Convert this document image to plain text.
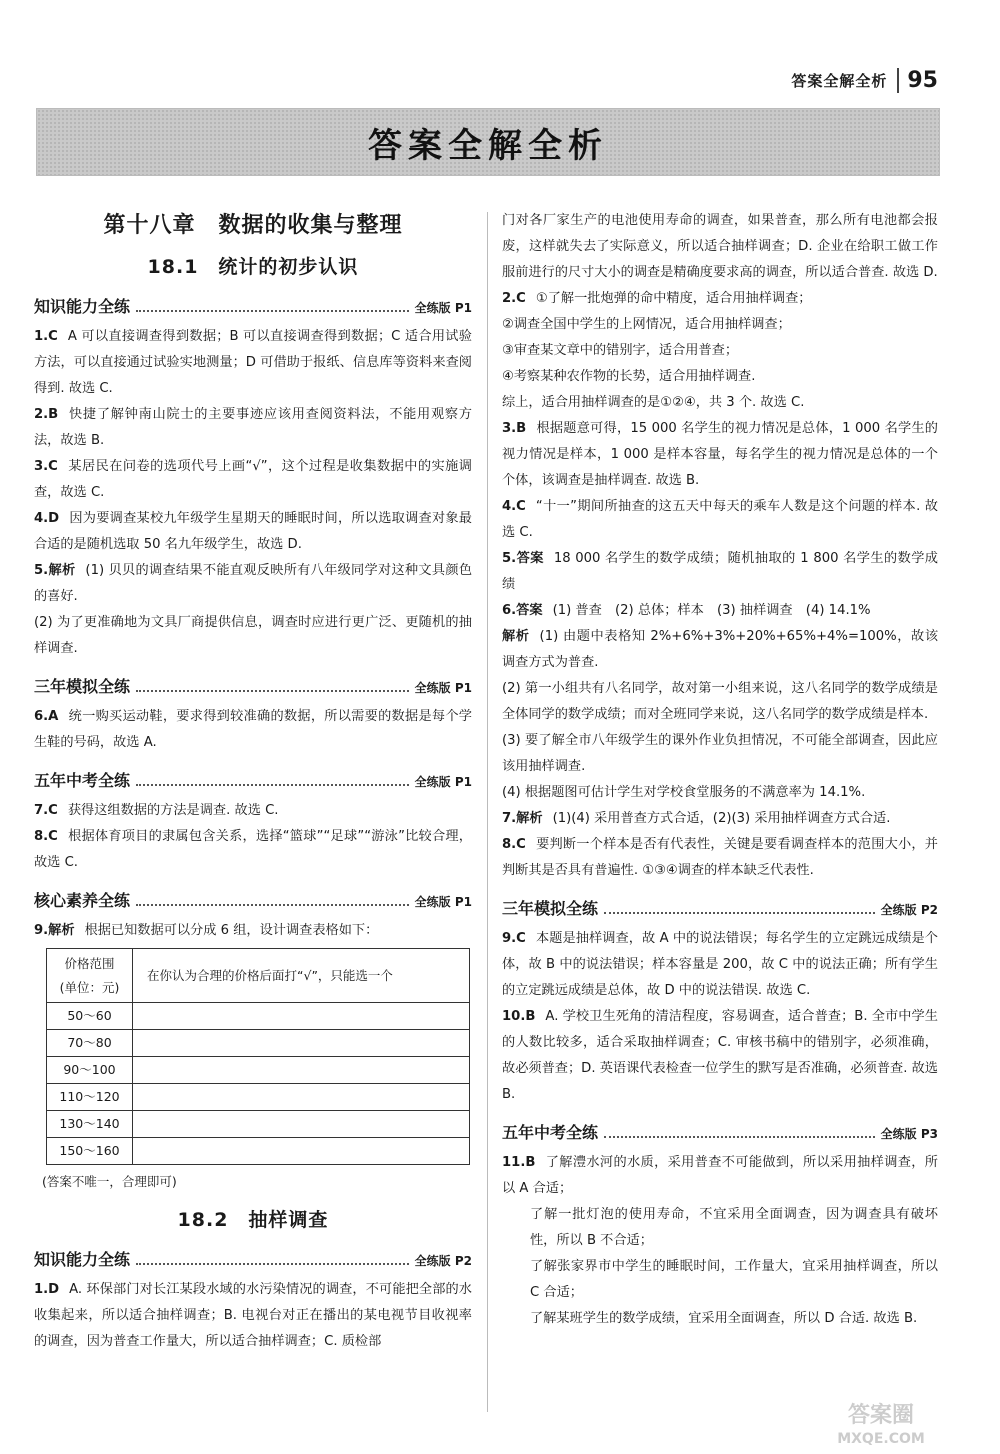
答案全解全析 95
答案全解全析
第十八章　数据的收集与整理
18.1　统计的初步认识
知识能力全练	全练版 P1

1.C A 可以直接调查得到数据；B 可以直接调查得到数据；C 适合用试验方法，可以直接通过试验实地测量；D 可借助于报纸、信息库等资料来查阅得到. 故选 C.

2.B 快捷了解钟南山院士的主要事迹应该用查阅资料法，不能用观察方法，故选 B.

3.C 某居民在问卷的选项代号上画“√”，这个过程是收集数据中的实施调查，故选 C.

4.D 因为要调查某校九年级学生星期天的睡眠时间，所以选取调查对象最合适的是随机选取 50 名九年级学生，故选 D.

5.解析 (1) 贝贝的调查结果不能直观反映所有八年级同学对这种文具颜色的喜好.

(2) 为了更准确地为文具厂商提供信息，调查时应进行更广泛、更随机的抽样调查.

三年模拟全练	全练版 P1

6.A 统一购买运动鞋，要求得到较准确的数据，所以需要的数据是每个学生鞋的号码，故选 A.

五年中考全练	全练版 P1

7.C 获得这组数据的方法是调查. 故选 C.

8.C 根据体育项目的隶属包含关系，选择“篮球”“足球”“游泳”比较合理，故选 C.

核心素养全练	全练版 P1

9.解析 根据已知数据可以分成 6 组，设计调查表格如下：

价格范围
(单位：元)	在你认为合理的价格后面打“√”，只能选一个
50～60	
70～80	
90～100	
110～120	
130～140	
150～160	

(答案不唯一，合理即可)

18.2　抽样调查
知识能力全练	全练版 P2

1.D A. 环保部门对长江某段水域的水污染情况的调查，不可能把全部的水收集起来，所以适合抽样调查；B. 电视台对正在播出的某电视节目收视率的调查，因为普查工作量大，所以适合抽样调查；C. 质检部

门对各厂家生产的电池使用寿命的调查，如果普查，那么所有电池都会报废，这样就失去了实际意义，所以适合抽样调查；D. 企业在给职工做工作服前进行的尺寸大小的调查是精确度要求高的调查，所以适合普查. 故选 D.

2.C ①了解一批炮弹的命中精度，适合用抽样调查；

②调查全国中学生的上网情况，适合用抽样调查；

③审查某文章中的错别字，适合用普查；

④考察某种农作物的长势，适合用抽样调查.

综上，适合用抽样调查的是①②④，共 3 个. 故选 C.

3.B 根据题意可得，15 000 名学生的视力情况是总体，1 000 名学生的视力情况是样本，1 000 是样本容量，每名学生的视力情况是总体的一个个体，该调查是抽样调查. 故选 B.

4.C “十一”期间所抽查的这五天中每天的乘车人数是这个问题的样本. 故选 C.

5.答案 18 000 名学生的数学成绩；随机抽取的 1 800 名学生的数学成绩

6.答案 (1) 普查　(2) 总体；样本　(3) 抽样调查　(4) 14.1%

解析 (1) 由题中表格知 2%+6%+3%+20%+65%+4%=100%，故该调查方式为普查.

(2) 第一小组共有八名同学，故对第一小组来说，这八名同学的数学成绩是全体同学的数学成绩；而对全班同学来说，这八名同学的数学成绩是样本.

(3) 要了解全市八年级学生的课外作业负担情况，不可能全部调查，因此应该用抽样调查.

(4) 根据题图可估计学生对学校食堂服务的不满意率为 14.1%.

7.解析 (1)(4) 采用普查方式合适，(2)(3) 采用抽样调查方式合适.

8.C 要判断一个样本是否有代表性，关键是要看调查样本的范围大小，并判断其是否具有普遍性. ①③④调查的样本缺乏代表性.

三年模拟全练	全练版 P2

9.C 本题是抽样调查，故 A 中的说法错误；每名学生的立定跳远成绩是个体，故 B 中的说法错误；样本容量是 200，故 C 中的说法正确；所有学生的立定跳远成绩是总体，故 D 中的说法错误. 故选 C.

10.B A. 学校卫生死角的清洁程度，容易调查，适合普查；B. 全市中学生的人数比较多，适合采取抽样调查；C. 审核书稿中的错别字，必须准确，故必须普查；D. 英语课代表检查一位学生的默写是否准确，必须普查. 故选 B.

五年中考全练	全练版 P3

11.B 了解澧水河的水质，采用普查不可能做到，所以采用抽样调查，所以 A 合适；

了解一批灯泡的使用寿命，不宜采用全面调查，因为调查具有破坏性，所以 B 不合适；

了解张家界市中学生的睡眠时间，工作量大，宜采用抽样调查，所以 C 合适；

了解某班学生的数学成绩，宜采用全面调查，所以 D 合适. 故选 B.

答案圈
MXQE.COM
